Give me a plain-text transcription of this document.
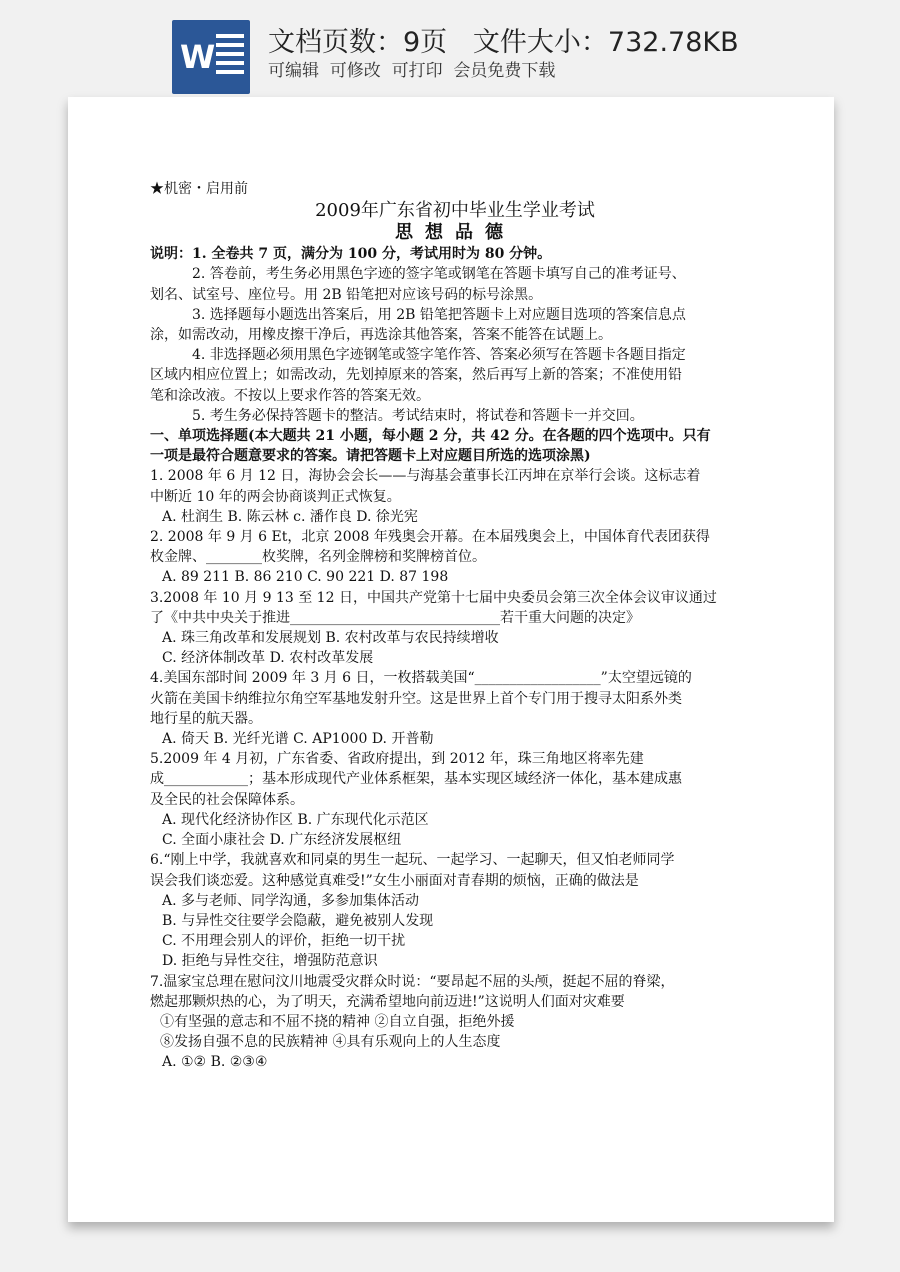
W 文档页数：9页   文件大小：732.78KB
可编辑  可修改  可打印  会员免费下载

★机密・启用前

2009年广东省初中毕业生学业考试

思想品德

说明：1. 全卷共 7 页，满分为 100 分，考试用时为 80 分钟。

2. 答卷前，考生务必用黑色字迹的签字笔或钢笔在答题卡填写自己的准考证号、

划名、试室号、座位号。用 2B 铅笔把对应该号码的标号涂黑。

3. 选择题每小题选出答案后，用 2B 铅笔把答题卡上对应题目选项的答案信息点

涂，如需改动，用橡皮擦干净后，再选涂其他答案，答案不能答在试题上。

4. 非选择题必须用黑色字迹钢笔或签字笔作答、答案必须写在答题卡各题目指定

区域内相应位置上；如需改动，先划掉原来的答案，然后再写上新的答案；不准使用铅

笔和涂改液。不按以上要求作答的答案无效。

5. 考生务必保持答题卡的整洁。考试结束时，将试卷和答题卡一并交回。

一、单项选择题(本大题共 21 小题，每小题 2 分，共 42 分。在各题的四个选项中。只有

一项是最符合题意要求的答案。请把答题卡上对应题目所选的选项涂黑)

1. 2008 年 6 月 12 日，海协会会长——与海基会董事长江丙坤在京举行会谈。这标志着

中断近 10 年的两会协商谈判正式恢复。

A. 杜润生 B. 陈云林 c. 潘作良 D. 徐光宪

2. 2008 年 9 月 6 Et，北京 2008 年残奥会开幕。在本届残奥会上，中国体育代表团获得

枚金牌、________枚奖牌，名列金牌榜和奖牌榜首位。

A. 89 211 B. 86 210 C. 90 221 D. 87 198

3.2008 年 10 月 9 13 至 12 日，中国共产党第十七届中央委员会第三次全体会议审议通过

了《中共中央关于推进______________________________若干重大问题的决定》

A. 珠三角改革和发展规划 B. 农村改革与农民持续增收

C. 经济体制改革 D. 农村改革发展

4.美国东部时间 2009 年 3 月 6 日，一枚搭载美国“__________________”太空望远镜的

火箭在美国卡纳维拉尔角空军基地发射升空。这是世界上首个专门用于搜寻太阳系外类

地行星的航天器。

A. 倚天 B. 光纤光谱 C. AP1000 D. 开普勒

5.2009 年 4 月初，广东省委、省政府提出，到 2012 年，珠三角地区将率先建

成____________；基本形成现代产业体系框架，基本实现区域经济一体化，基本建成惠

及全民的社会保障体系。

A. 现代化经济协作区 B. 广东现代化示范区

C. 全面小康社会 D. 广东经济发展枢纽

6.“刚上中学，我就喜欢和同桌的男生一起玩、一起学习、一起聊天，但又怕老师同学

误会我们谈恋爱。这种感觉真难受!”女生小丽面对青春期的烦恼，正确的做法是

A. 多与老师、同学沟通，多参加集体活动

B. 与异性交往要学会隐蔽，避免被别人发现

C. 不用理会别人的评价，拒绝一切干扰

D. 拒绝与异性交往，增强防范意识

7.温家宝总理在慰问汶川地震受灾群众时说：“要昂起不屈的头颅，挺起不屈的脊梁，

燃起那颗炽热的心，为了明天，充满希望地向前迈进!”这说明人们面对灾难要

①有坚强的意志和不屈不挠的精神 ②自立自强，拒绝外援

⑧发扬自强不息的民族精神 ④具有乐观向上的人生态度

A. ①② B. ②③④
